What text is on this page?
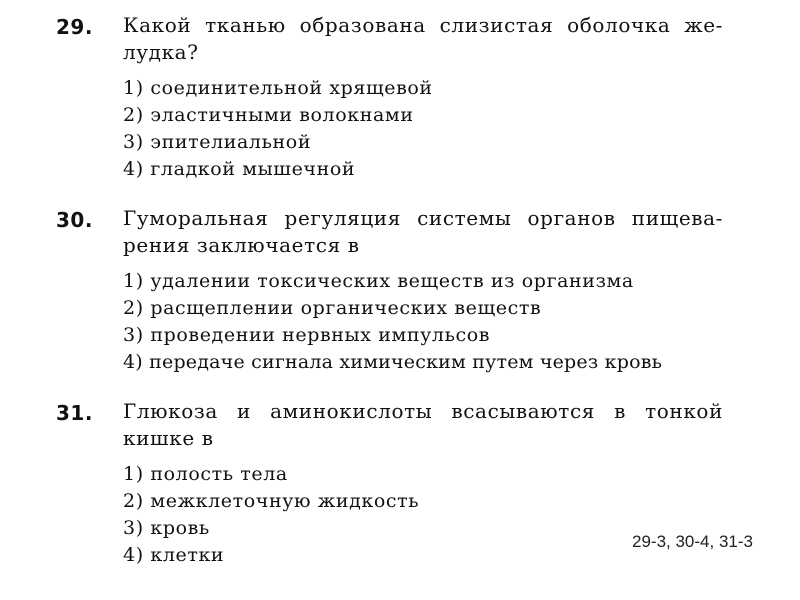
29. Какой тканью образована слизистая оболочка же-
лудка?
1) соединительной хрящевой
2) эластичными волокнами
3) эпителиальной
4) гладкой мышечной
30. Гуморальная регуляция системы органов пищева-
рения заключается в
1) удалении токсических веществ из организма
2) расщеплении органических веществ
3) проведении нервных импульсов
4) передаче сигнала химическим путем через кровь
31. Глюкоза и аминокислоты всасываются в тонкой
кишке в
1) полость тела
2) межклеточную жидкость
3) кровь
4) клетки
29-3, 30-4, 31-3
